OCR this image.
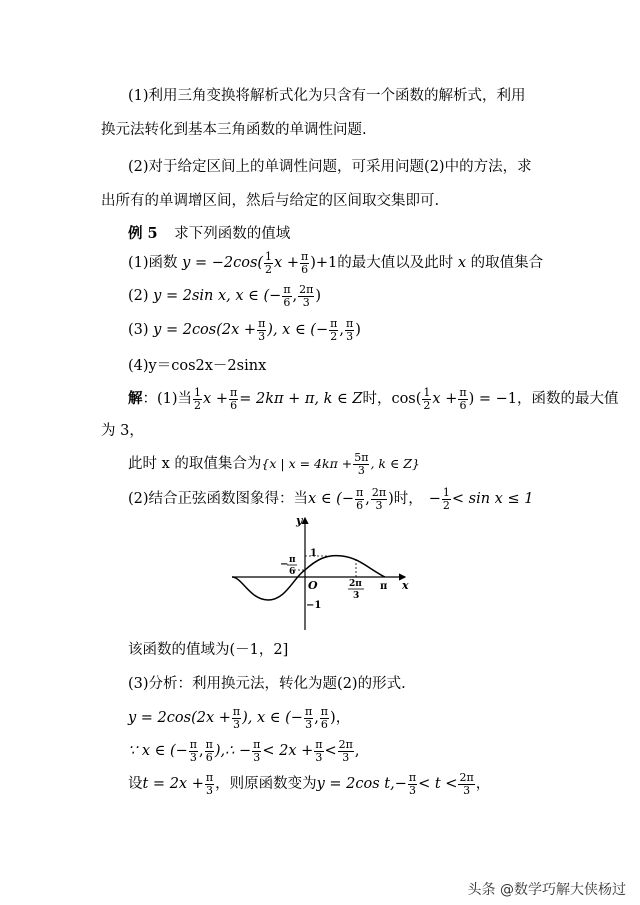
(1)利用三角变换将解析式化为只含有一个函数的解析式，利用
换元法转化到基本三角函数的单调性问题.
(2)对于给定区间上的单调性问题，可采用问题(2)中的方法，求
出所有的单调增区间，然后与给定的区间取交集即可.
例 5 求下列函数的值域
(1)函数 $y = -2\cos( \frac{1}{2}$ $x + \frac{\pi}{6} )+1$的最大值以及此时 x 的取值集合
(2) y = 2sin x, x ∈ (− $\frac{\pi}{6}$ , $\frac{2\pi}{3}$ )
(3) $y = 2\cos(2x + \frac{\pi}{3}$ ), x ∈ (− $\frac{\pi}{2}$ , $\frac{\pi}{3}$ )
(4)y＝cos2x－2sinx
解：(1)当 $\frac{1}{2}$ $x + \frac{\pi}{6} = 2k\pi + \pi$, k ∈ Z时，$\cos( \frac{1}{2}$ $x + \frac{\pi}{6}$ ) = −1，函数的最大值
为 3，
此时 x 的取值集合为{x | $x = 4k\pi + \frac{5\pi}{3}$ , k ∈ Z}
(2)结合正弦函数图象得：当x ∈ (− $\frac{\pi}{6}$ , $\frac{2\pi}{3}$ )时， − $\frac{1}{2} < \sin x \le 1$
y
x
O
1
−1
− π
6
2π
3
π
该函数的值域为(－1，2]
(3)分析：利用换元法，转化为题(2)的形式.
$y = 2\cos(2x + \frac{\pi}{3}$ ), x ∈ (− $\frac{\pi}{3}$ , $\frac{\pi}{6}$ )，
∵ x ∈ (− $\frac{\pi}{3}$ , $\frac{\pi}{6}$ ),∴ − $\frac{\pi}{3} < 2x + \frac{\pi}{3} < \frac{2\pi}{3}$ ,
设$t = 2x + \frac{\pi}{3}$ ，则原函数变为y = 2cos $t,- \frac{\pi}{3} < t < \frac{2\pi}{3}$ ，
头条 @数学巧解大侠杨过
